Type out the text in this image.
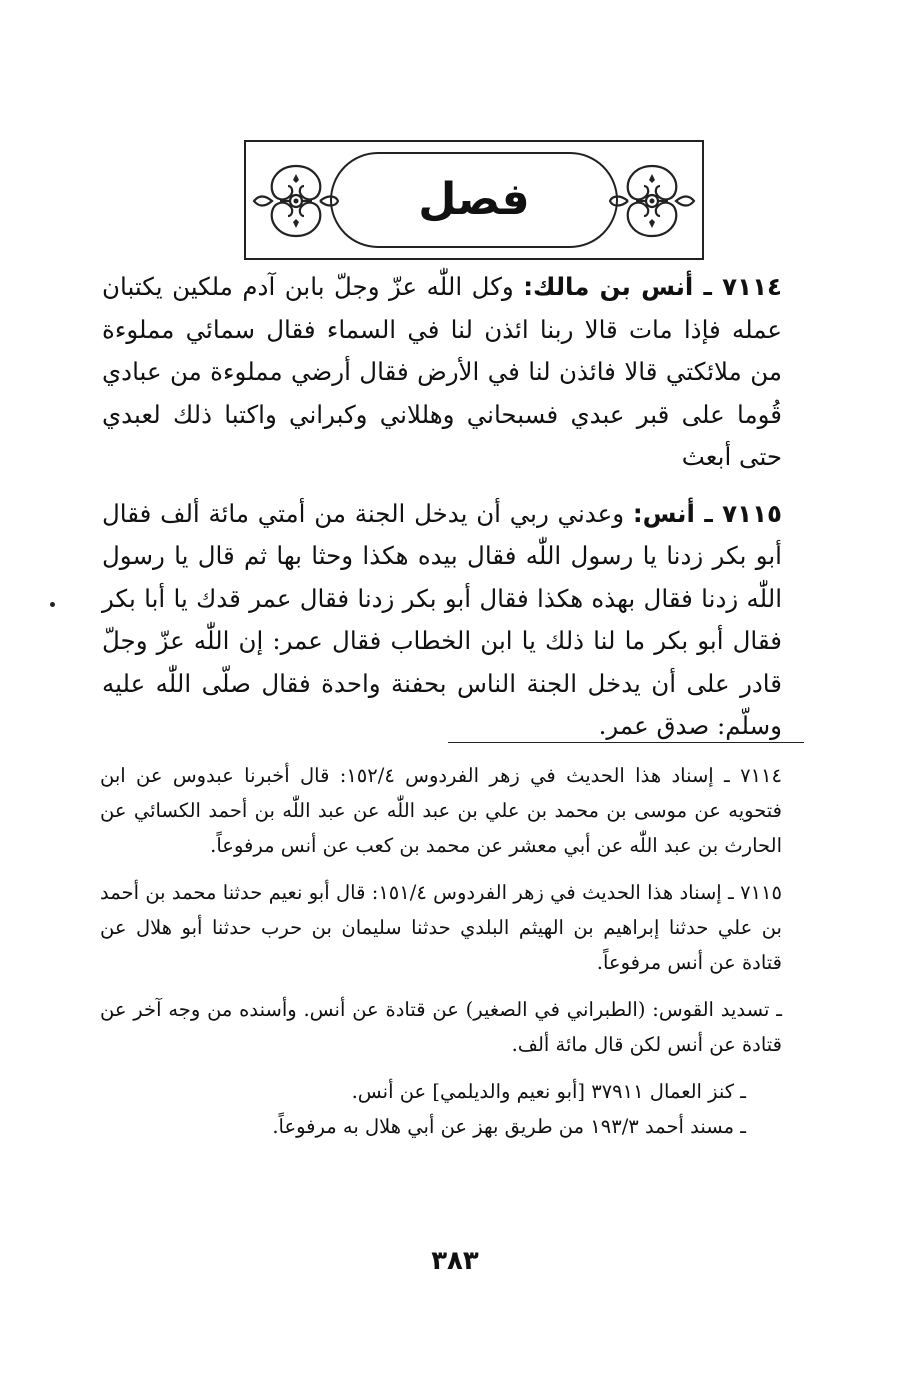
فصل

٧١١٤ ـ أنس بن مالك: وكل اللّٰه عزّ وجلّ بابن آدم ملكين يكتبان عمله فإذا مات قالا ربنا ائذن لنا في السماء فقال سمائي مملوءة من ملائكتي قالا فائذن لنا في الأرض فقال أرضي مملوءة من عبادي قُوما على قبر عبدي فسبحاني وهللاني وكبراني واكتبا ذلك لعبدي حتى أبعث

٧١١٥ ـ أنس: وعدني ربي أن يدخل الجنة من أمتي مائة ألف فقال أبو بكر زدنا يا رسول اللّٰه فقال بيده هكذا وحثا بها ثم قال يا رسول اللّٰه زدنا فقال بهذه هكذا فقال أبو بكر زدنا فقال عمر قدك يا أبا بكر فقال أبو بكر ما لنا ذلك يا ابن الخطاب فقال عمر: إن اللّٰه عزّ وجلّ قادر على أن يدخل الجنة الناس بحفنة واحدة فقال صلّى اللّٰه عليه وسلّم: صدق عمر.

٧١١٤ ـ إسناد هذا الحديث في زهر الفردوس ١٥٢/٤: قال أخبرنا عبدوس عن ابن فتحويه عن موسى بن محمد بن علي بن عبد اللّٰه عن عبد اللّٰه بن أحمد الكسائي عن الحارث بن عبد اللّٰه عن أبي معشر عن محمد بن كعب عن أنس مرفوعاً.

٧١١٥ ـ إسناد هذا الحديث في زهر الفردوس ١٥١/٤: قال أبو نعيم حدثنا محمد بن أحمد بن علي حدثنا إبراهيم بن الهيثم البلدي حدثنا سليمان بن حرب حدثنا أبو هلال عن قتادة عن أنس مرفوعاً.

ـ تسديد القوس: (الطبراني في الصغير) عن قتادة عن أنس. وأسنده من وجه آخر عن قتادة عن أنس لكن قال مائة ألف.

ـ كنز العمال ٣٧٩١١ [أبو نعيم والديلمي] عن أنس.

ـ مسند أحمد ١٩٣/٣ من طريق بهز عن أبي هلال به مرفوعاً.

٣٨٣
